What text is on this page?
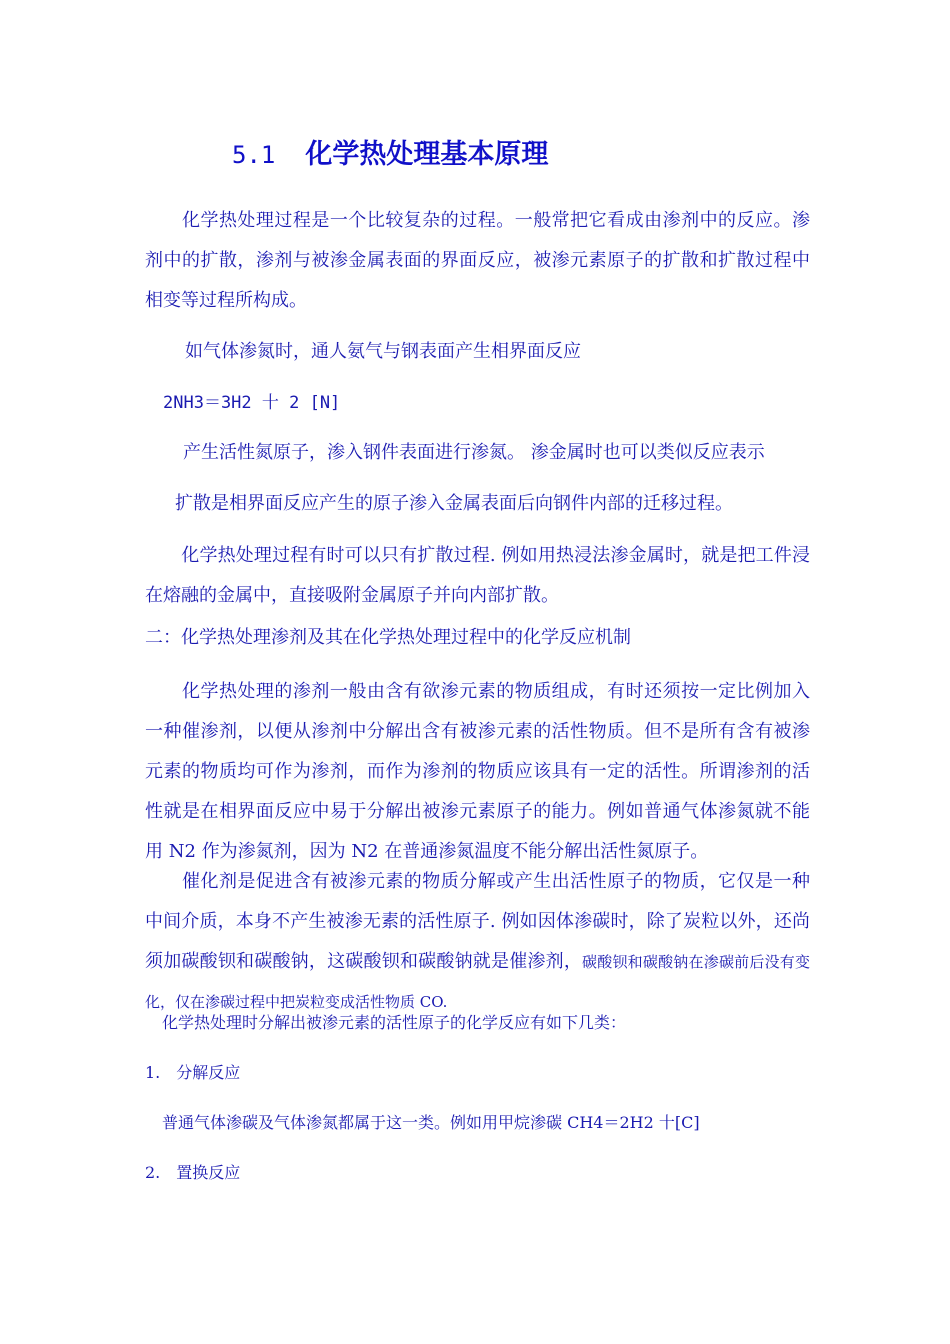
5.1 化学热处理基本原理
　　化学热处理过程是一个比较复杂的过程。一般常把它看成由渗剂中的反应。渗剂中的扩散，渗剂与被渗金属表面的界面反应，被渗元素原子的扩散和扩散过程中相变等过程所构成。
如气体渗氮时，通人氨气与钢表面产生相界面反应
2NH3＝3H2 十 2 [N]
产生活性氮原子，渗入钢件表面进行渗氮。 渗金属时也可以类似反应表示
扩散是相界面反应产生的原子渗入金属表面后向钢件内部的迁移过程。
　　化学热处理过程有时可以只有扩散过程. 例如用热浸法渗金属时，就是把工件浸在熔融的金属中，直接吸附金属原子并向内部扩散。
二：化学热处理渗剂及其在化学热处理过程中的化学反应机制
　　化学热处理的渗剂一般由含有欲渗元素的物质组成，有时还须按一定比例加入一种催渗剂，以便从渗剂中分解出含有被渗元素的活性物质。但不是所有含有被渗元素的物质均可作为渗剂，而作为渗剂的物质应该具有一定的活性。所谓渗剂的活性就是在相界面反应中易于分解出被渗元素原子的能力。例如普通气体渗氮就不能用 N2 作为渗氮剂，因为 N2 在普通渗氮温度不能分解出活性氮原子。
　　催化剂是促进含有被渗元素的物质分解或产生出活性原子的物质，它仅是一种中间介质，本身不产生被渗无素的活性原子. 例如因体渗碳时，除了炭粒以外，还尚须加碳酸钡和碳酸钠，这碳酸钡和碳酸钠就是催渗剂，碳酸钡和碳酸钠在渗碳前后没有变化，仅在渗碳过程中把炭粒变成活性物质 CO.
化学热处理时分解出被渗元素的活性原子的化学反应有如下几类：
1.　分解反应
普通气体渗碳及气体渗氮都属于这一类。例如用甲烷渗碳 CH4＝2H2 十[C]
2.　置换反应
